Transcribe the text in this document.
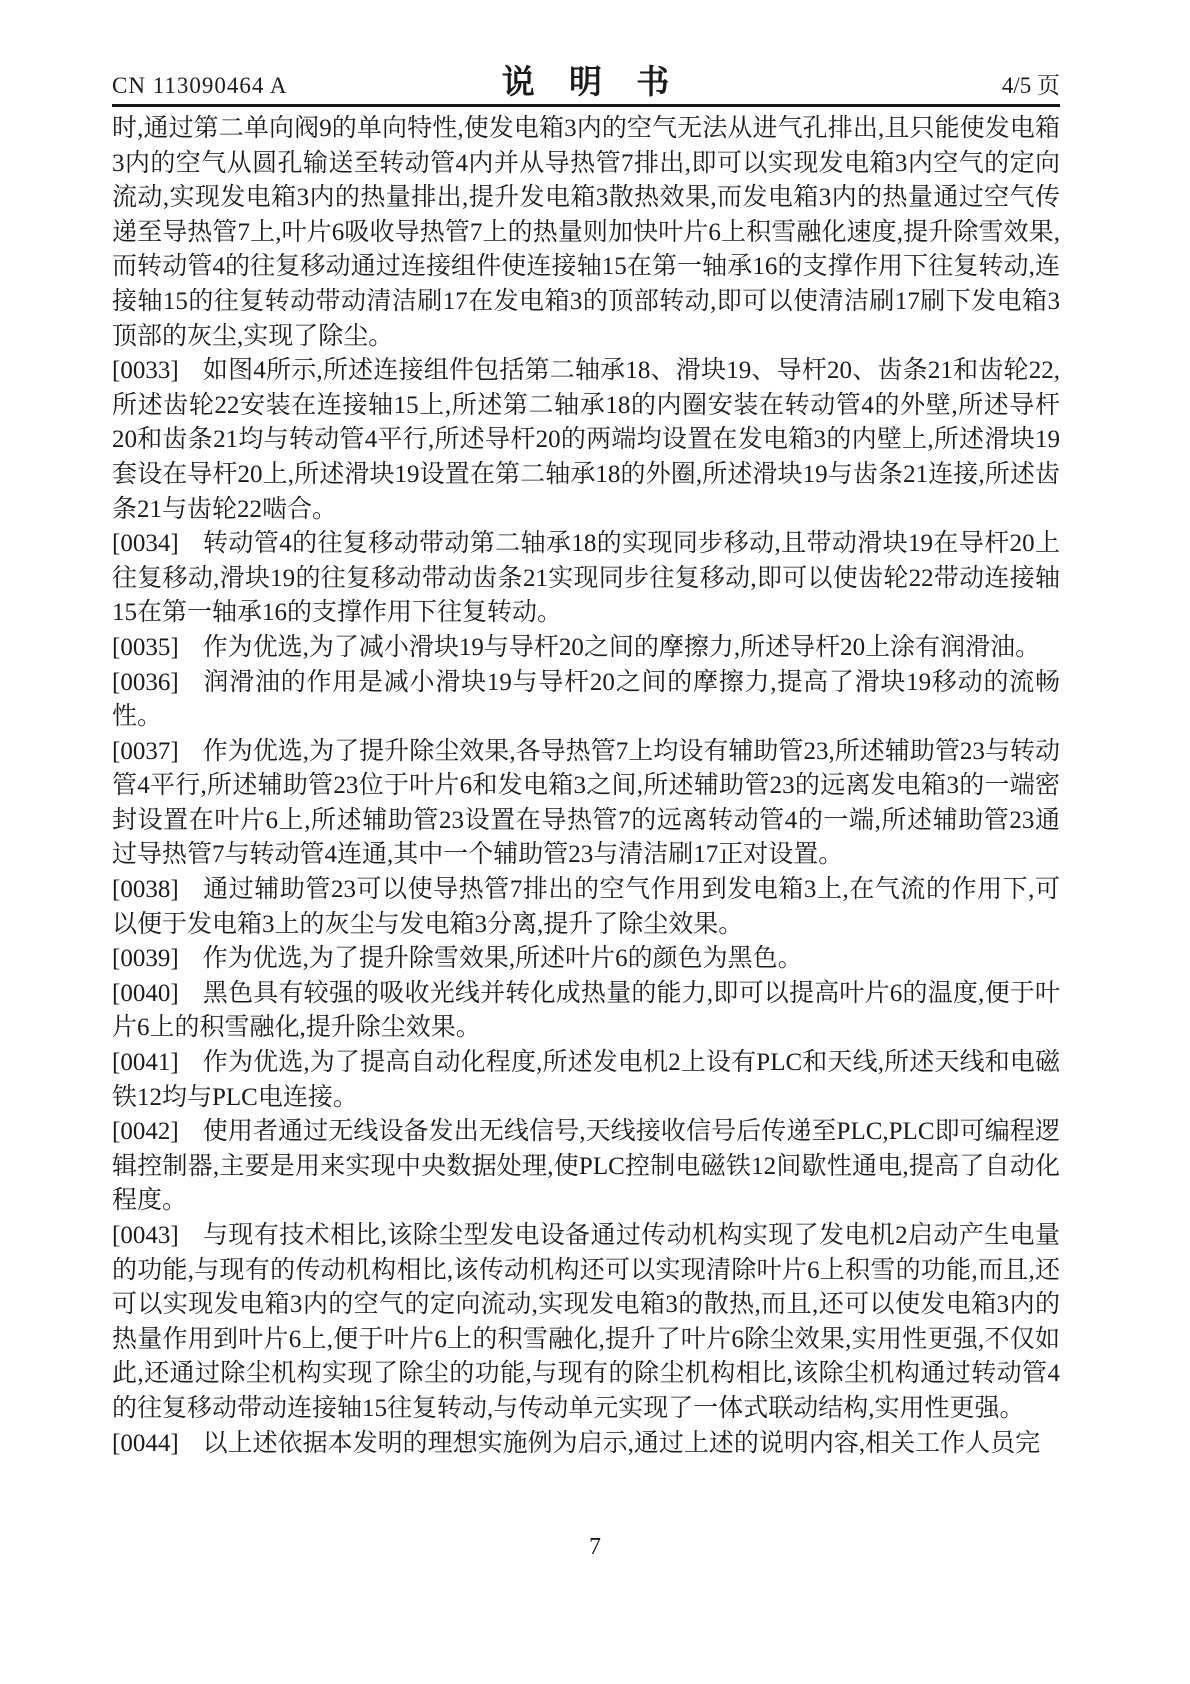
CN 113090464 A	说 明 书	4/5 页

时,通过第二单向阀9的单向特性,使发电箱3内的空气无法从进气孔排出,且只能使发电箱3内的空气从圆孔输送至转动管4内并从导热管7排出,即可以实现发电箱3内空气的定向流动,实现发电箱3内的热量排出,提升发电箱3散热效果,而发电箱3内的热量通过空气传递至导热管7上,叶片6吸收导热管7上的热量则加快叶片6上积雪融化速度,提升除雪效果,而转动管4的往复移动通过连接组件使连接轴15在第一轴承16的支撑作用下往复转动,连接轴15的往复转动带动清洁刷17在发电箱3的顶部转动,即可以使清洁刷17刷下发电箱3顶部的灰尘,实现了除尘。

[0033] 如图4所示,所述连接组件包括第二轴承18、滑块19、导杆20、齿条21和齿轮22,所述齿轮22安装在连接轴15上,所述第二轴承18的内圈安装在转动管4的外壁,所述导杆20和齿条21均与转动管4平行,所述导杆20的两端均设置在发电箱3的内壁上,所述滑块19套设在导杆20上,所述滑块19设置在第二轴承18的外圈,所述滑块19与齿条21连接,所述齿条21与齿轮22啮合。

[0034] 转动管4的往复移动带动第二轴承18的实现同步移动,且带动滑块19在导杆20上往复移动,滑块19的往复移动带动齿条21实现同步往复移动,即可以使齿轮22带动连接轴15在第一轴承16的支撑作用下往复转动。

[0035] 作为优选,为了减小滑块19与导杆20之间的摩擦力,所述导杆20上涂有润滑油。

[0036] 润滑油的作用是减小滑块19与导杆20之间的摩擦力,提高了滑块19移动的流畅性。

[0037] 作为优选,为了提升除尘效果,各导热管7上均设有辅助管23,所述辅助管23与转动管4平行,所述辅助管23位于叶片6和发电箱3之间,所述辅助管23的远离发电箱3的一端密封设置在叶片6上,所述辅助管23设置在导热管7的远离转动管4的一端,所述辅助管23通过导热管7与转动管4连通,其中一个辅助管23与清洁刷17正对设置。

[0038] 通过辅助管23可以使导热管7排出的空气作用到发电箱3上,在气流的作用下,可以便于发电箱3上的灰尘与发电箱3分离,提升了除尘效果。

[0039] 作为优选,为了提升除雪效果,所述叶片6的颜色为黑色。

[0040] 黑色具有较强的吸收光线并转化成热量的能力,即可以提高叶片6的温度,便于叶片6上的积雪融化,提升除尘效果。

[0041] 作为优选,为了提高自动化程度,所述发电机2上设有PLC和天线,所述天线和电磁铁12均与PLC电连接。

[0042] 使用者通过无线设备发出无线信号,天线接收信号后传递至PLC,PLC即可编程逻辑控制器,主要是用来实现中央数据处理,使PLC控制电磁铁12间歇性通电,提高了自动化程度。

[0043] 与现有技术相比,该除尘型发电设备通过传动机构实现了发电机2启动产生电量的功能,与现有的传动机构相比,该传动机构还可以实现清除叶片6上积雪的功能,而且,还可以实现发电箱3内的空气的定向流动,实现发电箱3的散热,而且,还可以使发电箱3内的热量作用到叶片6上,便于叶片6上的积雪融化,提升了叶片6除尘效果,实用性更强,不仅如此,还通过除尘机构实现了除尘的功能,与现有的除尘机构相比,该除尘机构通过转动管4的往复移动带动连接轴15往复转动,与传动单元实现了一体式联动结构,实用性更强。

[0044] 以上述依据本发明的理想实施例为启示,通过上述的说明内容,相关工作人员完

7
